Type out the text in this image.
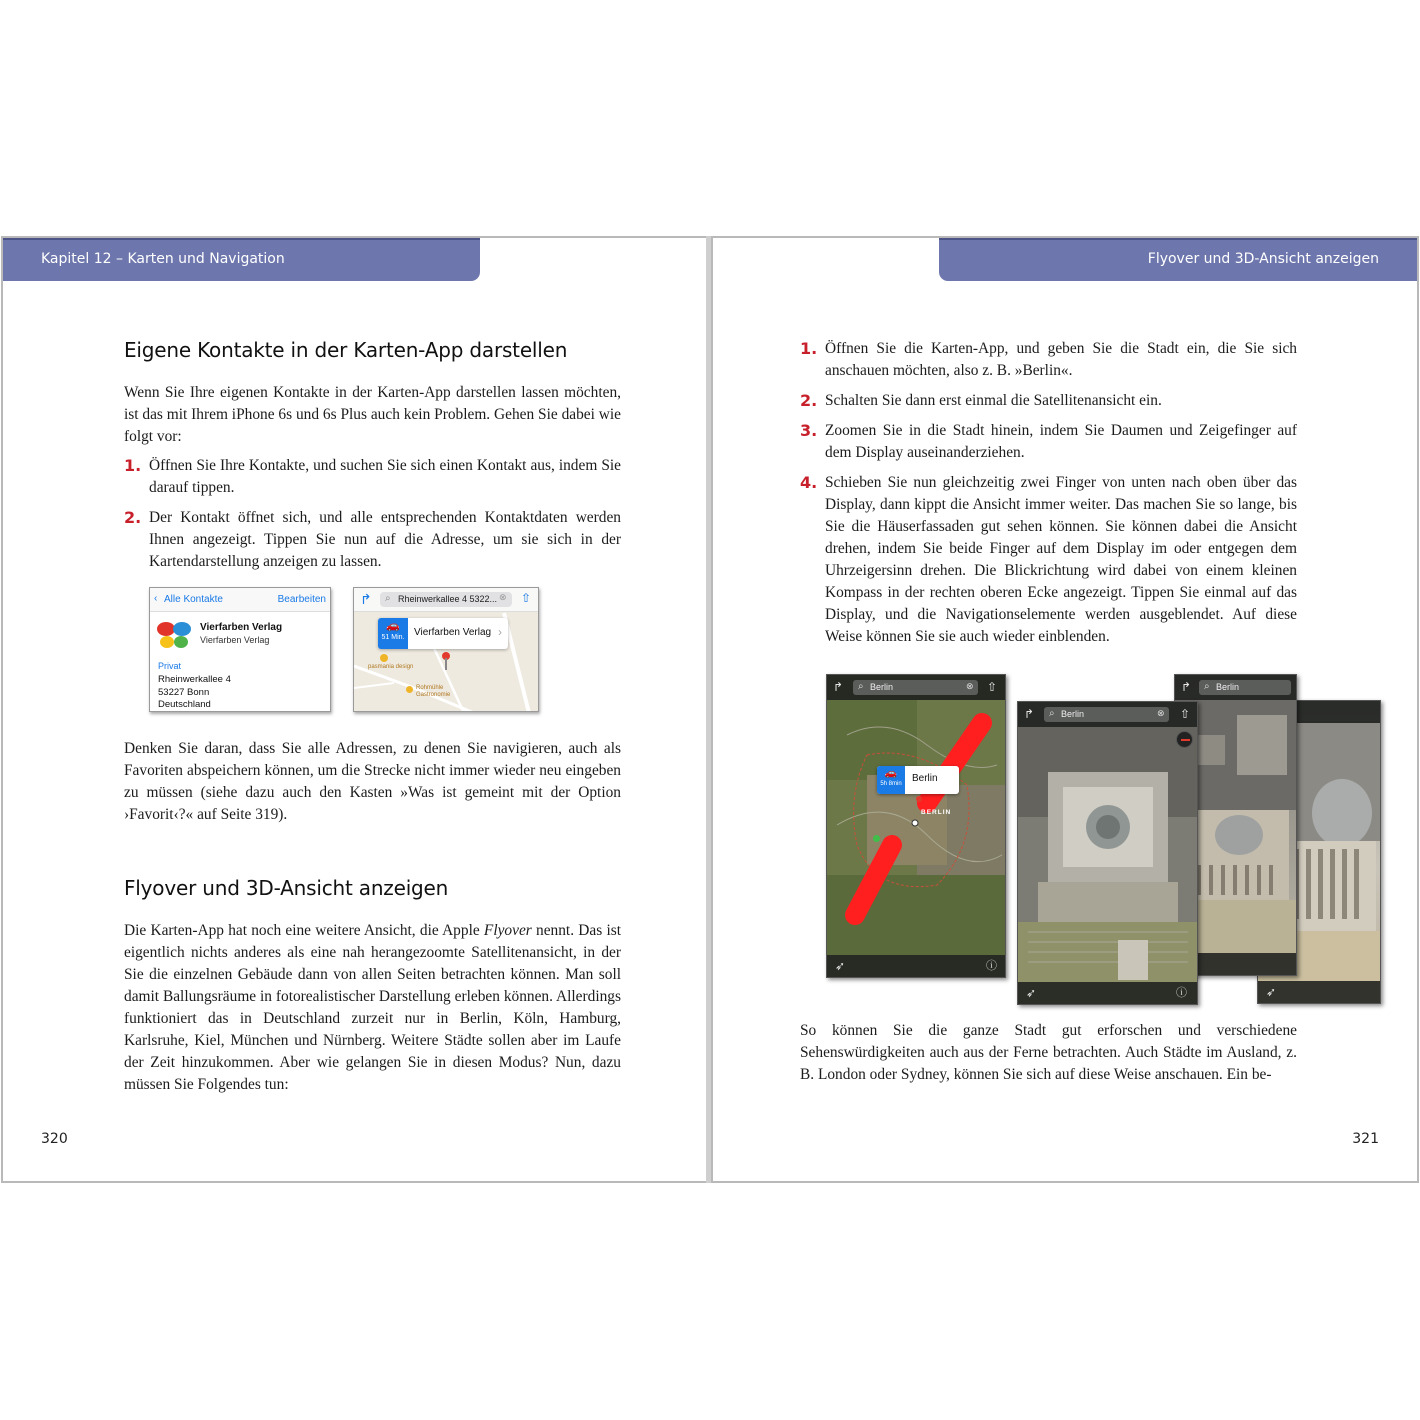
Kapitel 12 – Karten und Navigation
Eigene Kontakte in der Karten-App darstellen
Wenn Sie Ihre eigenen Kontakte in der Karten-App darstellen lassen möchten, ist das mit Ihrem iPhone 6s und 6s Plus auch kein Problem. Gehen Sie dabei wie folgt vor:
1. Öffnen Sie Ihre Kontakte, und suchen Sie sich einen Kontakt aus, indem Sie darauf tippen.
2. Der Kontakt öffnet sich, und alle entsprechenden Kontaktdaten werden Ihnen angezeigt. Tippen Sie nun auf die Adresse, um sie sich in der Kartendarstellung anzeigen zu lassen.
‹ Alle Kontakte	Bearbeiten
Vierfarben Verlag
Vierfarben Verlag
Privat
Rheinwerkallee 4
53227 Bonn
Deutschland
↱	Rheinwerkallee 4 5322...
⌕	⊗ ⇧
🚗
51 Min. Vierfarben Verlag ›
pasmania design
Rohmühle Gastronomie
Denken Sie daran, dass Sie alle Adressen, zu denen Sie navigieren, auch als Favoriten abspeichern können, um die Strecke nicht immer wieder neu eingeben zu müssen (siehe dazu auch den Kasten »Was ist gemeint mit der Option ›Favorit‹?« auf Seite 319).
Flyover und 3D-Ansicht anzeigen
Die Karten-App hat noch eine weitere Ansicht, die Apple Flyover nennt. Das ist eigentlich nichts anderes als eine nah herangezoomte Satellitenansicht, in der Sie die einzelnen Gebäude dann von allen Seiten betrachten können. Man soll damit Ballungsräume in fotorealistischer Darstellung erleben können. Allerdings funktioniert das in Deutschland zurzeit nur in Berlin, Köln, Hamburg, Karlsruhe, Kiel, München und Nürnberg. Weitere Städte sollen aber im Laufe der Zeit hinzukommen. Aber wie gelangen Sie in diesen Modus? Nun, dazu müssen Sie Folgendes tun:
320
Flyover und 3D-Ansicht anzeigen
1. Öffnen Sie die Karten-App, und geben Sie die Stadt ein, die Sie sich anschauen möchten, also z. B. »Berlin«.
2. Schalten Sie dann erst einmal die Satellitenansicht ein.
3. Zoomen Sie in die Stadt hinein, indem Sie Daumen und Zeigefinger auf dem Display auseinanderziehen.
4. Schieben Sie nun gleichzeitig zwei Finger von unten nach oben über das Display, dann kippt die Ansicht immer weiter. Das machen Sie so lange, bis Sie die Häuserfassaden gut sehen können. Sie können dabei die Ansicht drehen, indem Sie beide Finger auf dem Display im oder entgegen dem Uhrzeigersinn drehen. Die Blickrichtung wird dabei von einem kleinen Kompass in der rechten oberen Ecke angezeigt. Tippen Sie einmal auf das Display, und die Navigationselemente werden ausgeblendet. Auf diese Weise können Sie sie auch wieder einblenden.
➶
↱	⌕ Berlin
↱	⌕ Berlin	⊗ ⇧
➶	ⓘ
↱	⌕ Berlin	⊗ ⇧
🚗
5h 8min	Berlin
BERLIN
➶	ⓘ
So können Sie die ganze Stadt gut erforschen und verschiedene Sehenswürdigkeiten auch aus der Ferne betrachten. Auch Städte im Ausland, z. B. London oder Sydney, können Sie sich auf diese Weise anschauen. Ein be-
321
